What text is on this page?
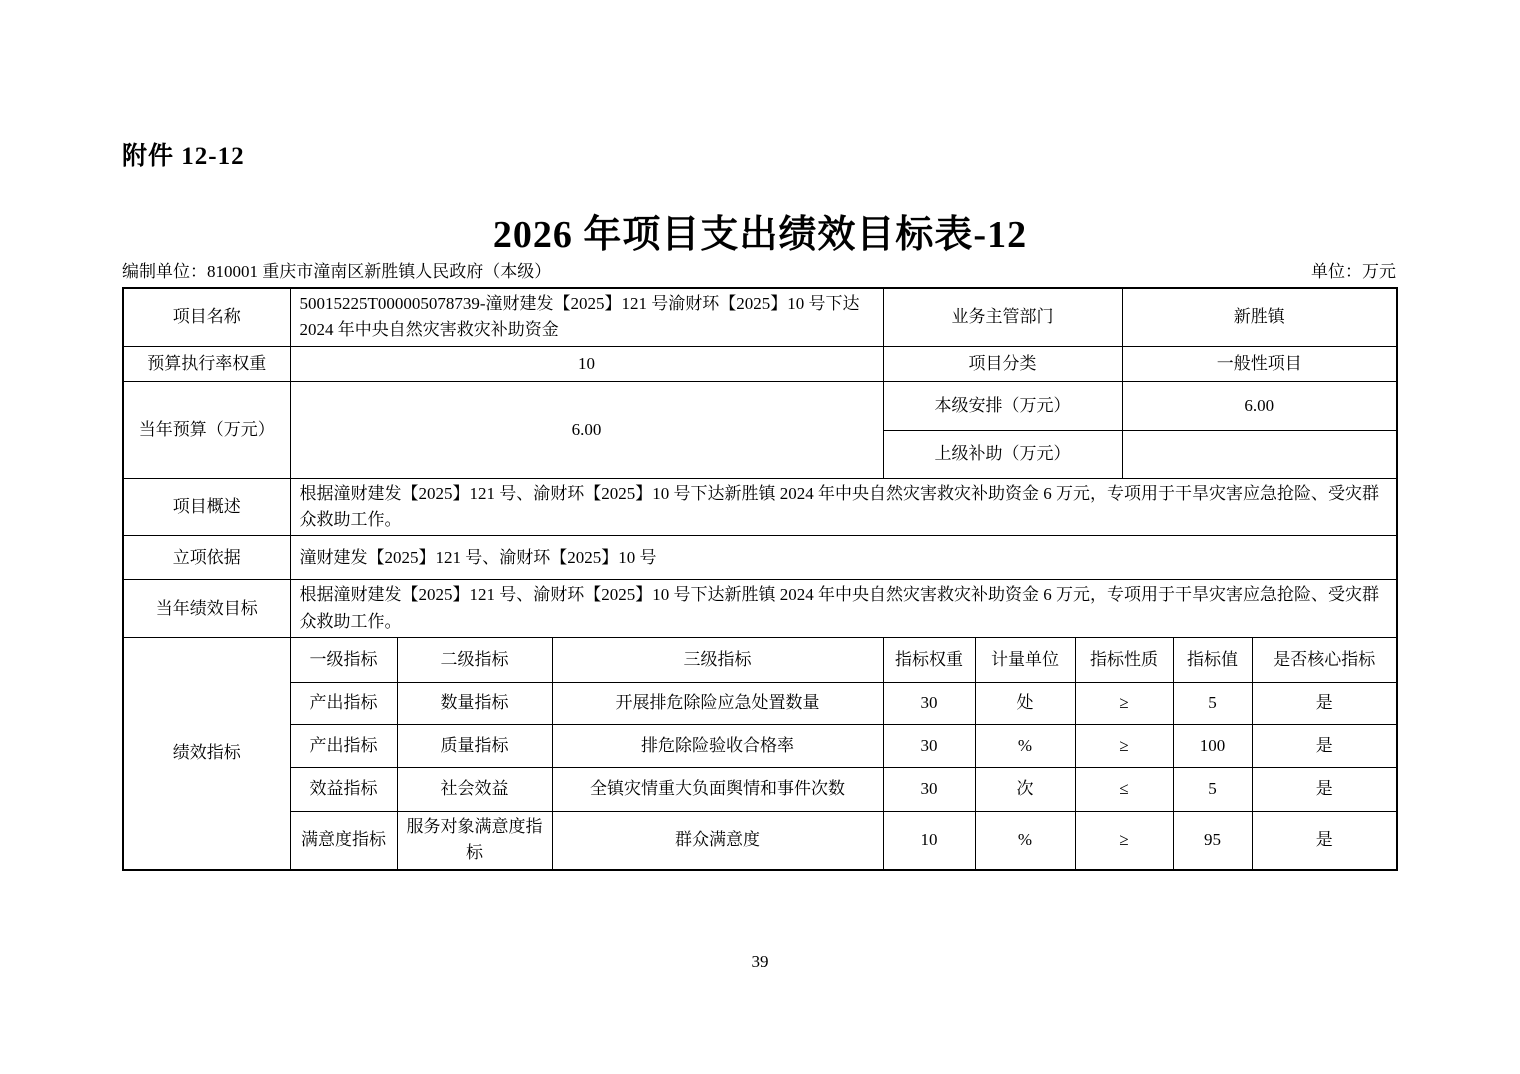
附件 12-12
2026 年项目支出绩效目标表-12
编制单位：810001 重庆市潼南区新胜镇人民政府（本级）	单位：万元
项目名称	50015225T000005078739-潼财建发【2025】121 号渝财环【2025】10 号下达 2024 年中央自然灾害救灾补助资金			业务主管部门			新胜镇		
预算执行率权重	10			项目分类			一般性项目		
当年预算（万元）	6.00			本级安排（万元）			6.00		
				上级补助（万元）					
项目概述	根据潼财建发【2025】121 号、渝财环【2025】10 号下达新胜镇 2024 年中央自然灾害救灾补助资金 6 万元，专项用于干旱灾害应急抢险、受灾群众救助工作。								
立项依据	潼财建发【2025】121 号、渝财环【2025】10 号								
当年绩效目标	根据潼财建发【2025】121 号、渝财环【2025】10 号下达新胜镇 2024 年中央自然灾害救灾补助资金 6 万元，专项用于干旱灾害应急抢险、受灾群众救助工作。								
绩效指标	一级指标	二级指标	三级指标	指标权重	计量单位	指标性质		指标值	是否核心指标
	产出指标	数量指标	开展排危除险应急处置数量	30	处	≥		5	是
	产出指标	质量指标	排危除险验收合格率	30	%	≥		100	是
	效益指标	社会效益	全镇灾情重大负面舆情和事件次数	30	次	≤		5	是
	满意度指标	服务对象满意度指标	群众满意度	10	%	≥		95	是
39
